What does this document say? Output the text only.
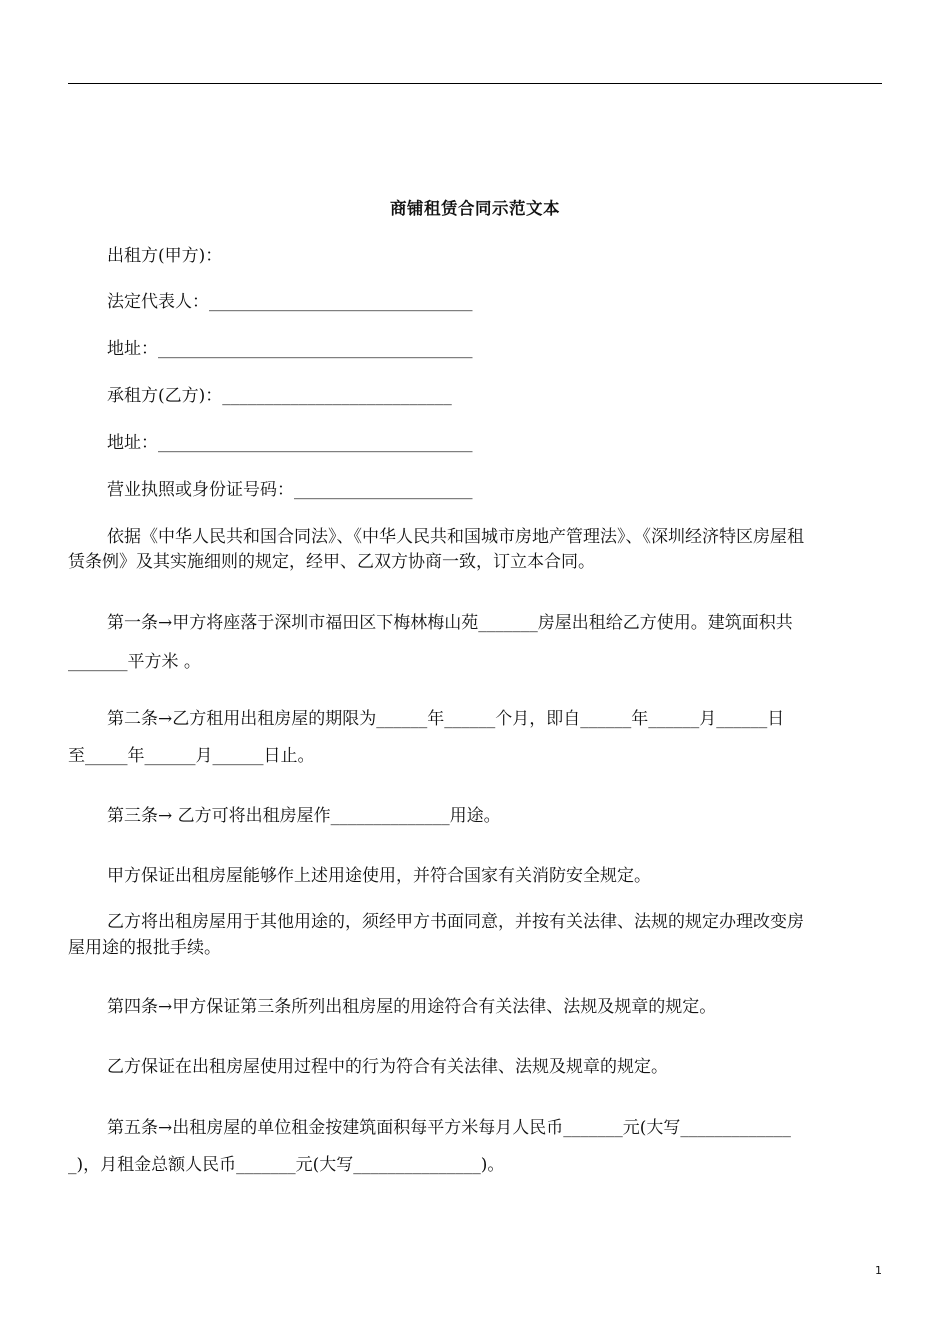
商铺租赁合同示范文本

出租方(甲方)：

法定代表人：_______________________________

地址：_____________________________________

承租方(乙方)：___________________________

地址：_____________________________________

营业执照或身份证号码：_____________________

依据《中华人民共和国合同法》、《中华人民共和国城市房地产管理法》、《深圳经济特区房屋租

赁条例》及其实施细则的规定，经甲、乙双方协商一致，订立本合同。

第一条→甲方将座落于深圳市福田区下梅林梅山苑_______房屋出租给乙方使用。建筑面积共

_______平方米 。

第二条→乙方租用出租房屋的期限为______年______个月，即自______年______月______日

至_____年______月______日止。

第三条→ 乙方可将出租房屋作______________用途。

甲方保证出租房屋能够作上述用途使用，并符合国家有关消防安全规定。

乙方将出租房屋用于其他用途的，须经甲方书面同意，并按有关法律、法规的规定办理改变房

屋用途的报批手续。

第四条→甲方保证第三条所列出租房屋的用途符合有关法律、法规及规章的规定。

乙方保证在出租房屋使用过程中的行为符合有关法律、法规及规章的规定。

第五条→出租房屋的单位租金按建筑面积每平方米每月人民币_______元(大写_____________

_)，月租金总额人民币_______元(大写_______________)。

1
